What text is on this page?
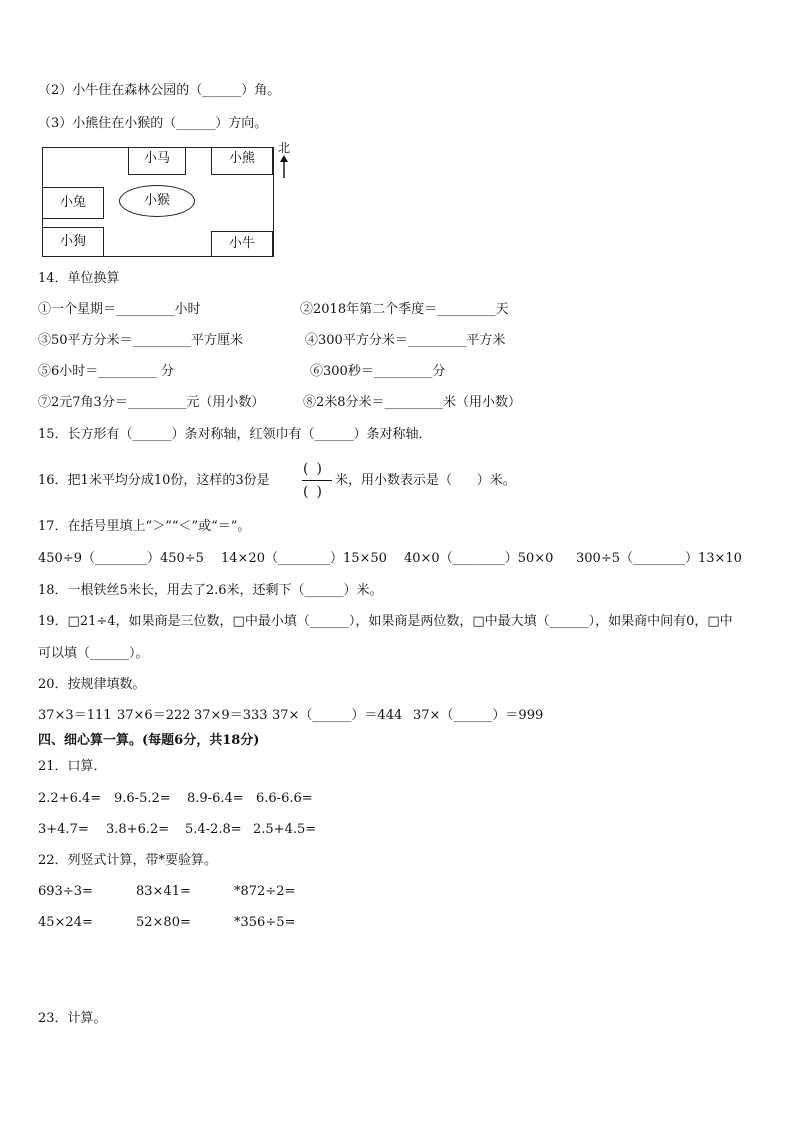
（2）小牛住在森林公园的（______）角。
（3）小熊住在小猴的（______）方向。
小马	小熊
小兔	小猴
小狗	小牛
北
14．单位换算
①一个星期＝_________小时	②2018年第二个季度＝_________天
③50平方分米＝_________平方厘米	④300平方分米＝_________平方米
⑤6小时＝_________ 分	⑥300秒＝_________分
⑦2元7角3分＝_________元（用小数）	⑧2米8分米＝_________米（用小数）
15．长方形有（______）条对称轴，红领巾有（______）条对称轴．
16．把1米平均分成10份，这样的3份是
()
()
米，用小数表示是（      ）米。
17．在括号里填上“＞”“＜”或“＝”。
450÷9（________）450÷5 14×20（________）15×50 40×0（________）50×0 300÷5（________）13×10
18．一根铁丝5米长，用去了2.6米，还剩下（______）米。
19．□21÷4，如果商是三位数，□中最小填（______），如果商是两位数，□中最大填（______），如果商中间有0，□中
可以填（______）。
20．按规律填数。
37×3＝111 37×6＝222 37×9＝333 37×（______）＝444 37×（______）＝999
四、细心算一算。(每题6分，共18分)
21．口算．
2.2+6.4= 9.6-5.2= 8.9-6.4= 6.6-6.6=
3+4.7= 3.8+6.2= 5.4-2.8= 2.5+4.5=
22．列竖式计算，带*要验算。
693÷3=	83×41=	*872÷2=
45×24=	52×80=	*356÷5=
23．计算。
